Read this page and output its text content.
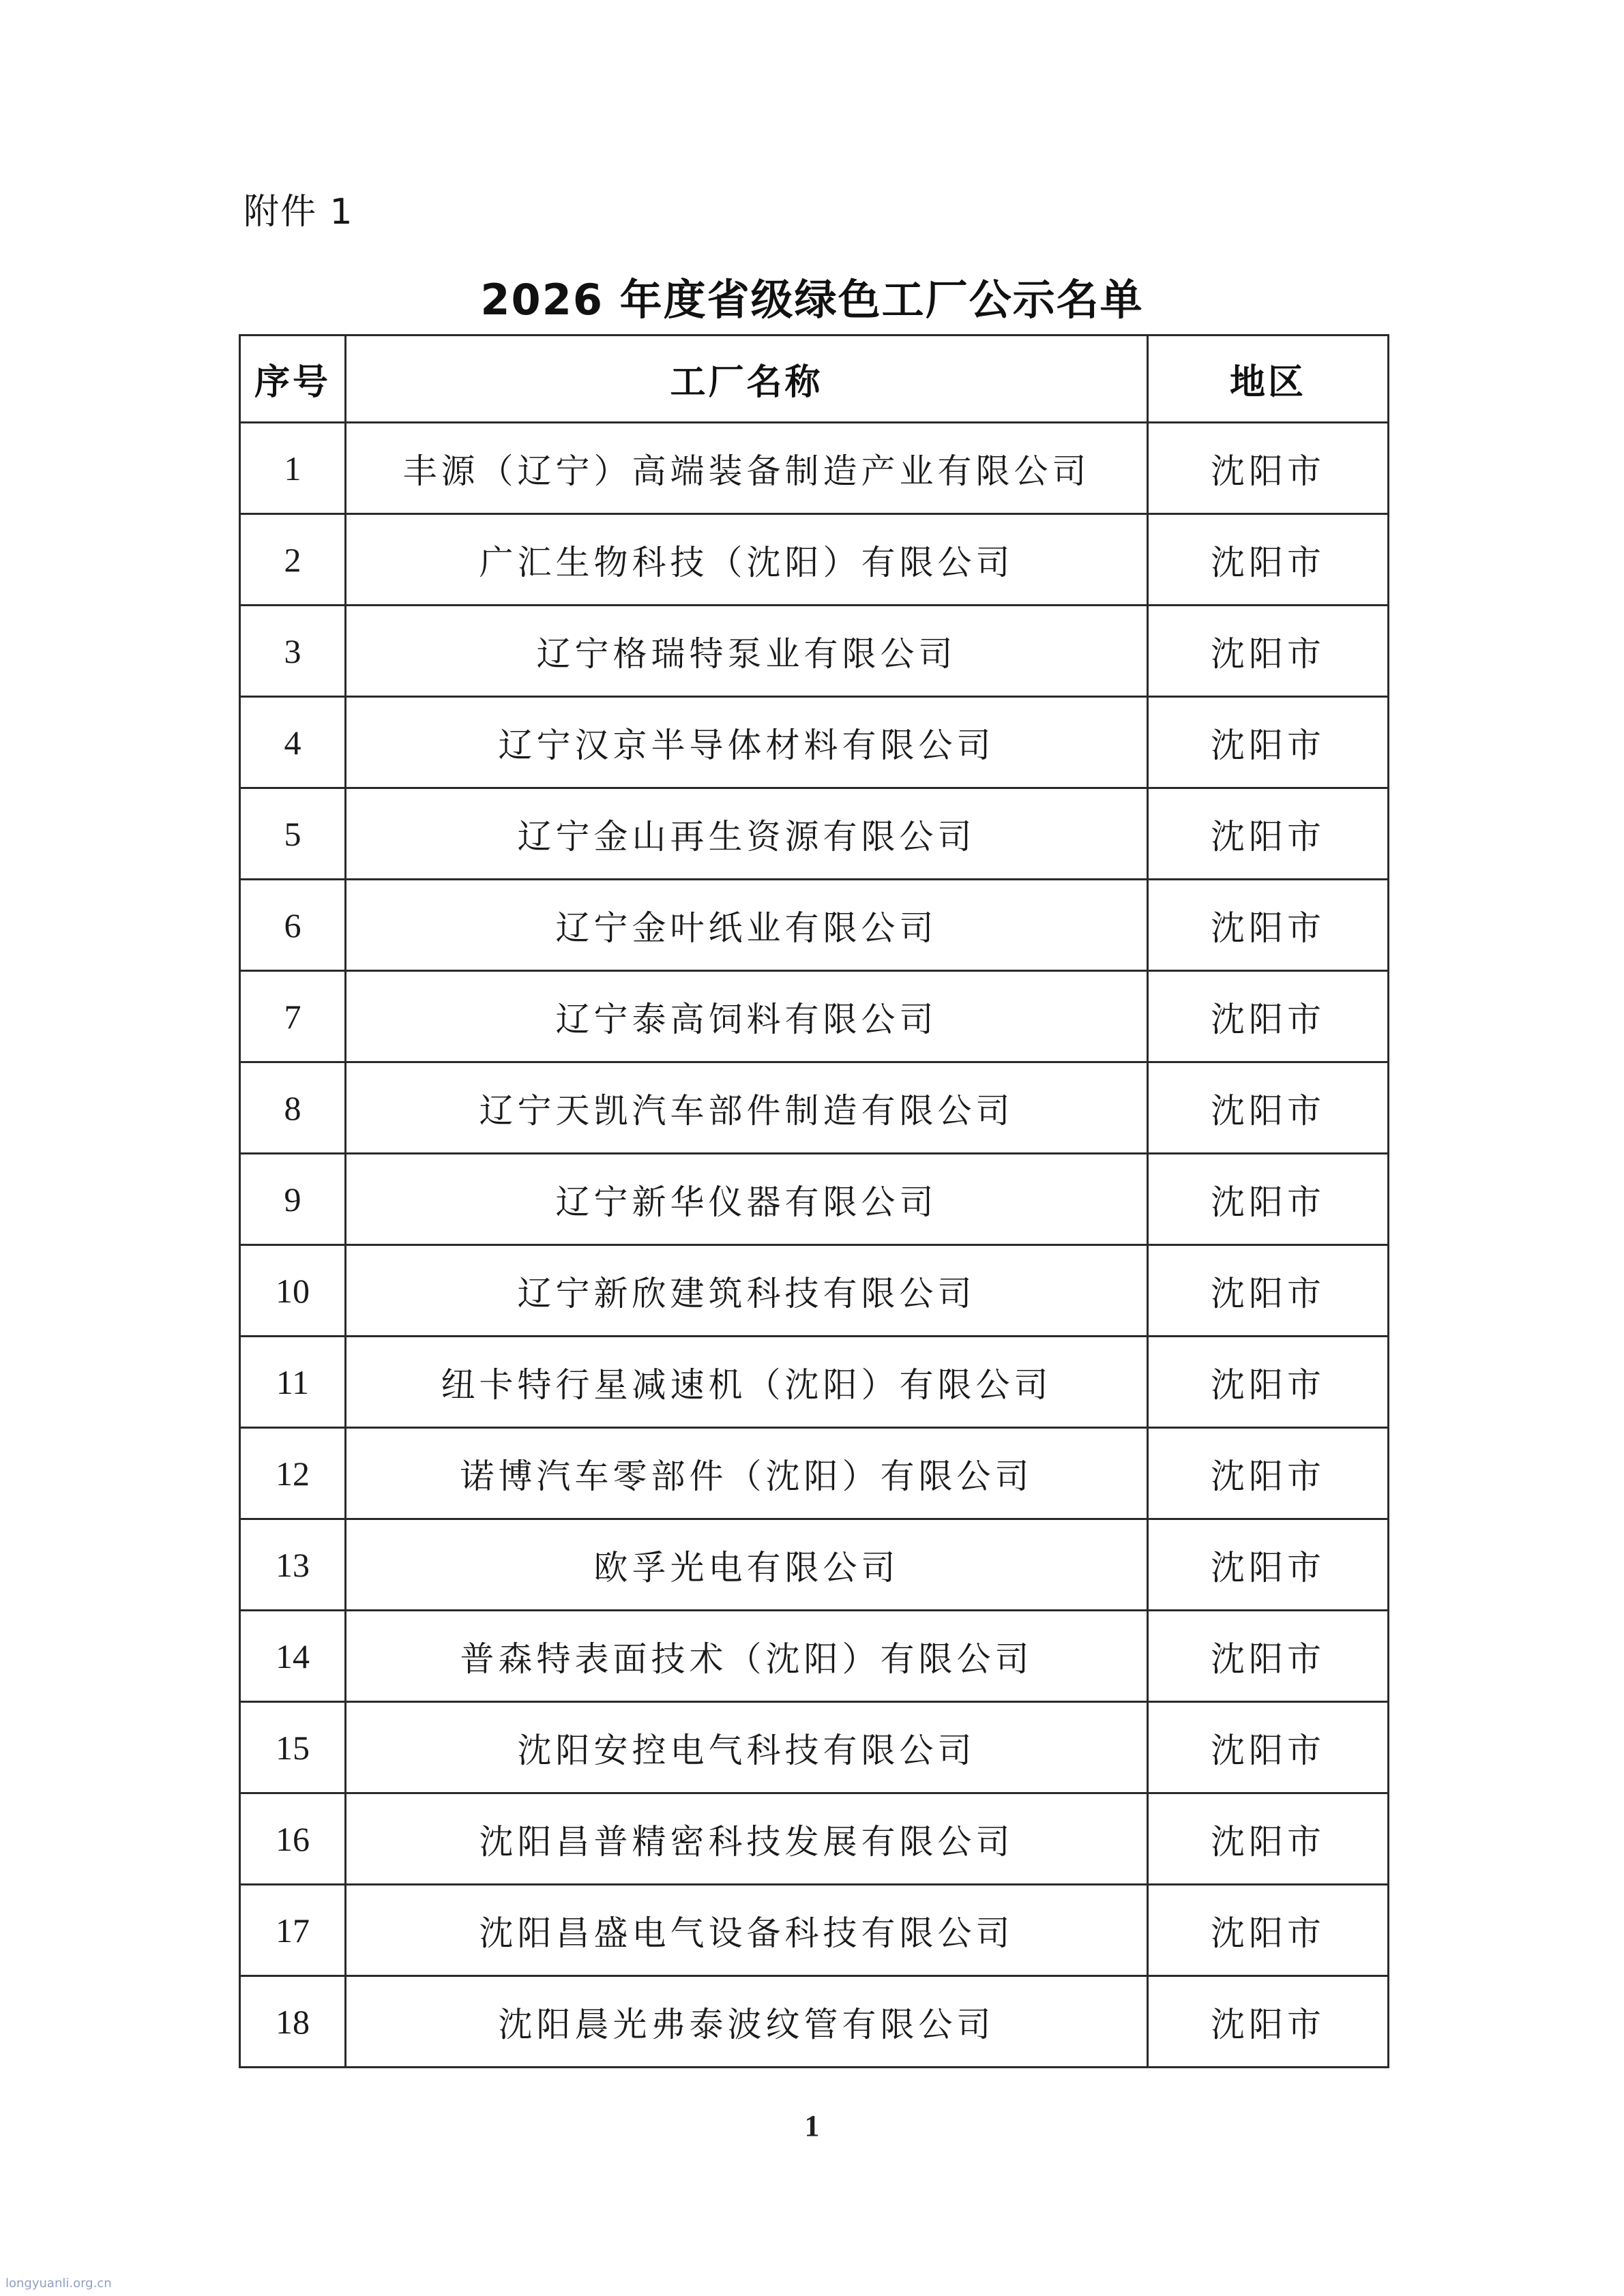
附件 1
2026 年度省级绿色工厂公示名单
序号	工厂名称	地区
1	丰源（辽宁）高端装备制造产业有限公司	沈阳市
2	广汇生物科技（沈阳）有限公司	沈阳市
3	辽宁格瑞特泵业有限公司	沈阳市
4	辽宁汉京半导体材料有限公司	沈阳市
5	辽宁金山再生资源有限公司	沈阳市
6	辽宁金叶纸业有限公司	沈阳市
7	辽宁泰高饲料有限公司	沈阳市
8	辽宁天凯汽车部件制造有限公司	沈阳市
9	辽宁新华仪器有限公司	沈阳市
10	辽宁新欣建筑科技有限公司	沈阳市
11	纽卡特行星减速机（沈阳）有限公司	沈阳市
12	诺博汽车零部件（沈阳）有限公司	沈阳市
13	欧孚光电有限公司	沈阳市
14	普森特表面技术（沈阳）有限公司	沈阳市
15	沈阳安控电气科技有限公司	沈阳市
16	沈阳昌普精密科技发展有限公司	沈阳市
17	沈阳昌盛电气设备科技有限公司	沈阳市
18	沈阳晨光弗泰波纹管有限公司	沈阳市
1
longyuanli.org.cn
